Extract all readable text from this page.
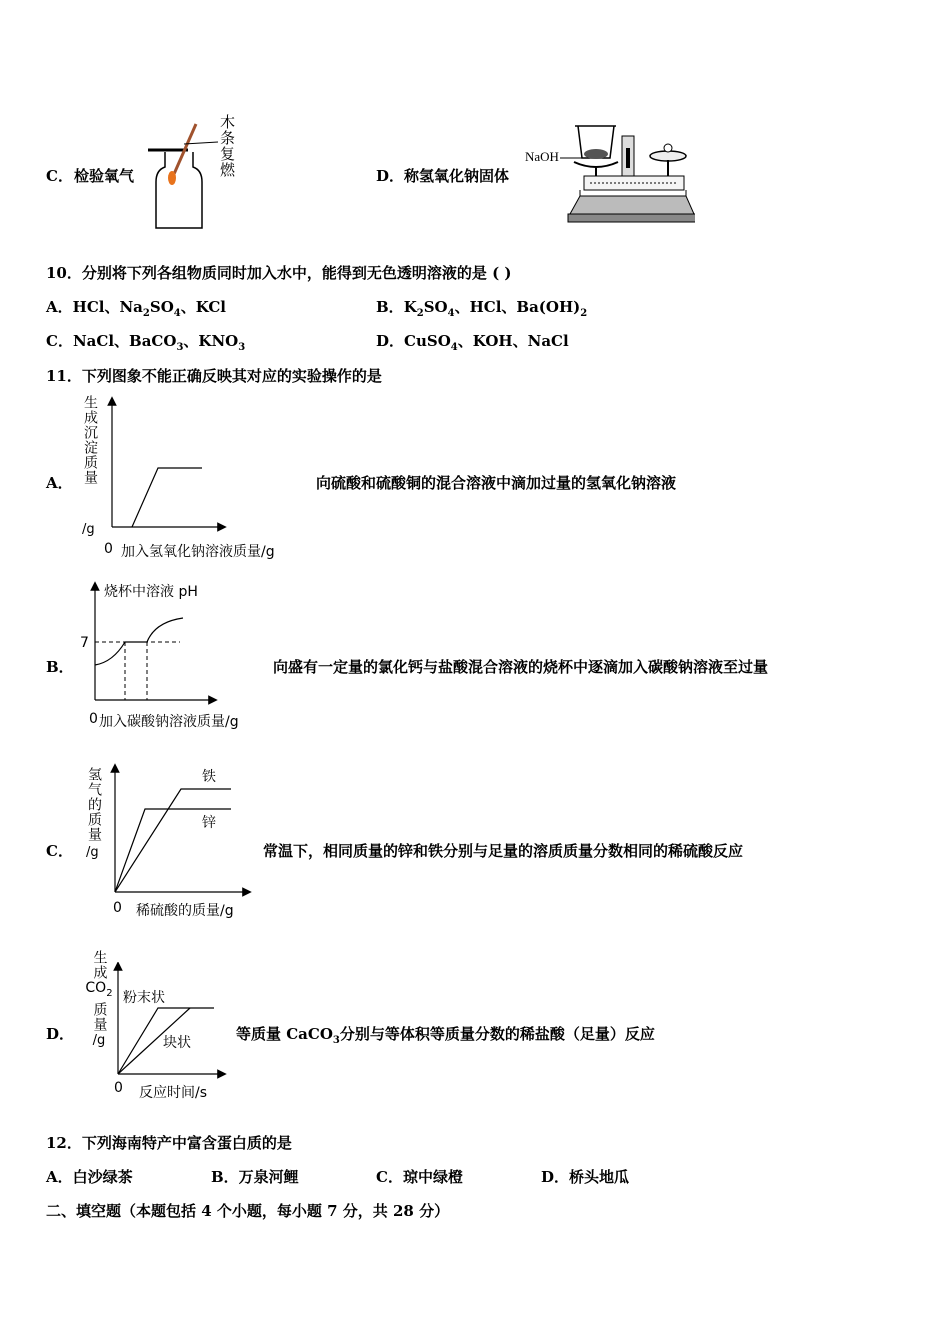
C． 检验氧气	木条复燃	D． 称氢氧化钠固体
NaOH
10．分别将下列各组物质同时加入水中，能得到无色透明溶液的是 ( )
A．HCl、$Na_2SO_4$、KCl	B．$K_2SO_4$、HCl、$Ba(OH)_2$
C．NaCl、BaCO$_3$、$KNO_3$	D．CuSO$_4$、KOH、NaCl
11．下列图象不能正确反映其对应的实验操作的是
A． 生成沉淀质量
/g
0 加入氢氧化钠溶液质量/g
向硫酸和硫酸铜的混合溶液中滴加过量的氢氧化钠溶液
B．
烧杯中溶液 pH
7
0 加入碳酸钠溶液质量/g
向盛有一定量的氯化钙与盐酸混合溶液的烧杯中逐滴加入碳酸钠溶液至过量
C．
氢气的质量
/g
铁
锌
0 稀硫酸的质量/g
常温下，相同质量的锌和铁分别与足量的溶质质量分数相同的稀硫酸反应
D．
生成
$CO_2$
质量
/g
粉末状
块状
0 反应时间/s
等质量 CaCO$_3$分别与等体积等质量分数的稀盐酸（足量）反应
12．下列海南特产中富含蛋白质的是
A．白沙绿茶	B．万泉河鲤	C．琼中绿橙	D．桥头地瓜
二、填空题（本题包括 4 个小题，每小题 7 分，共 28 分）
